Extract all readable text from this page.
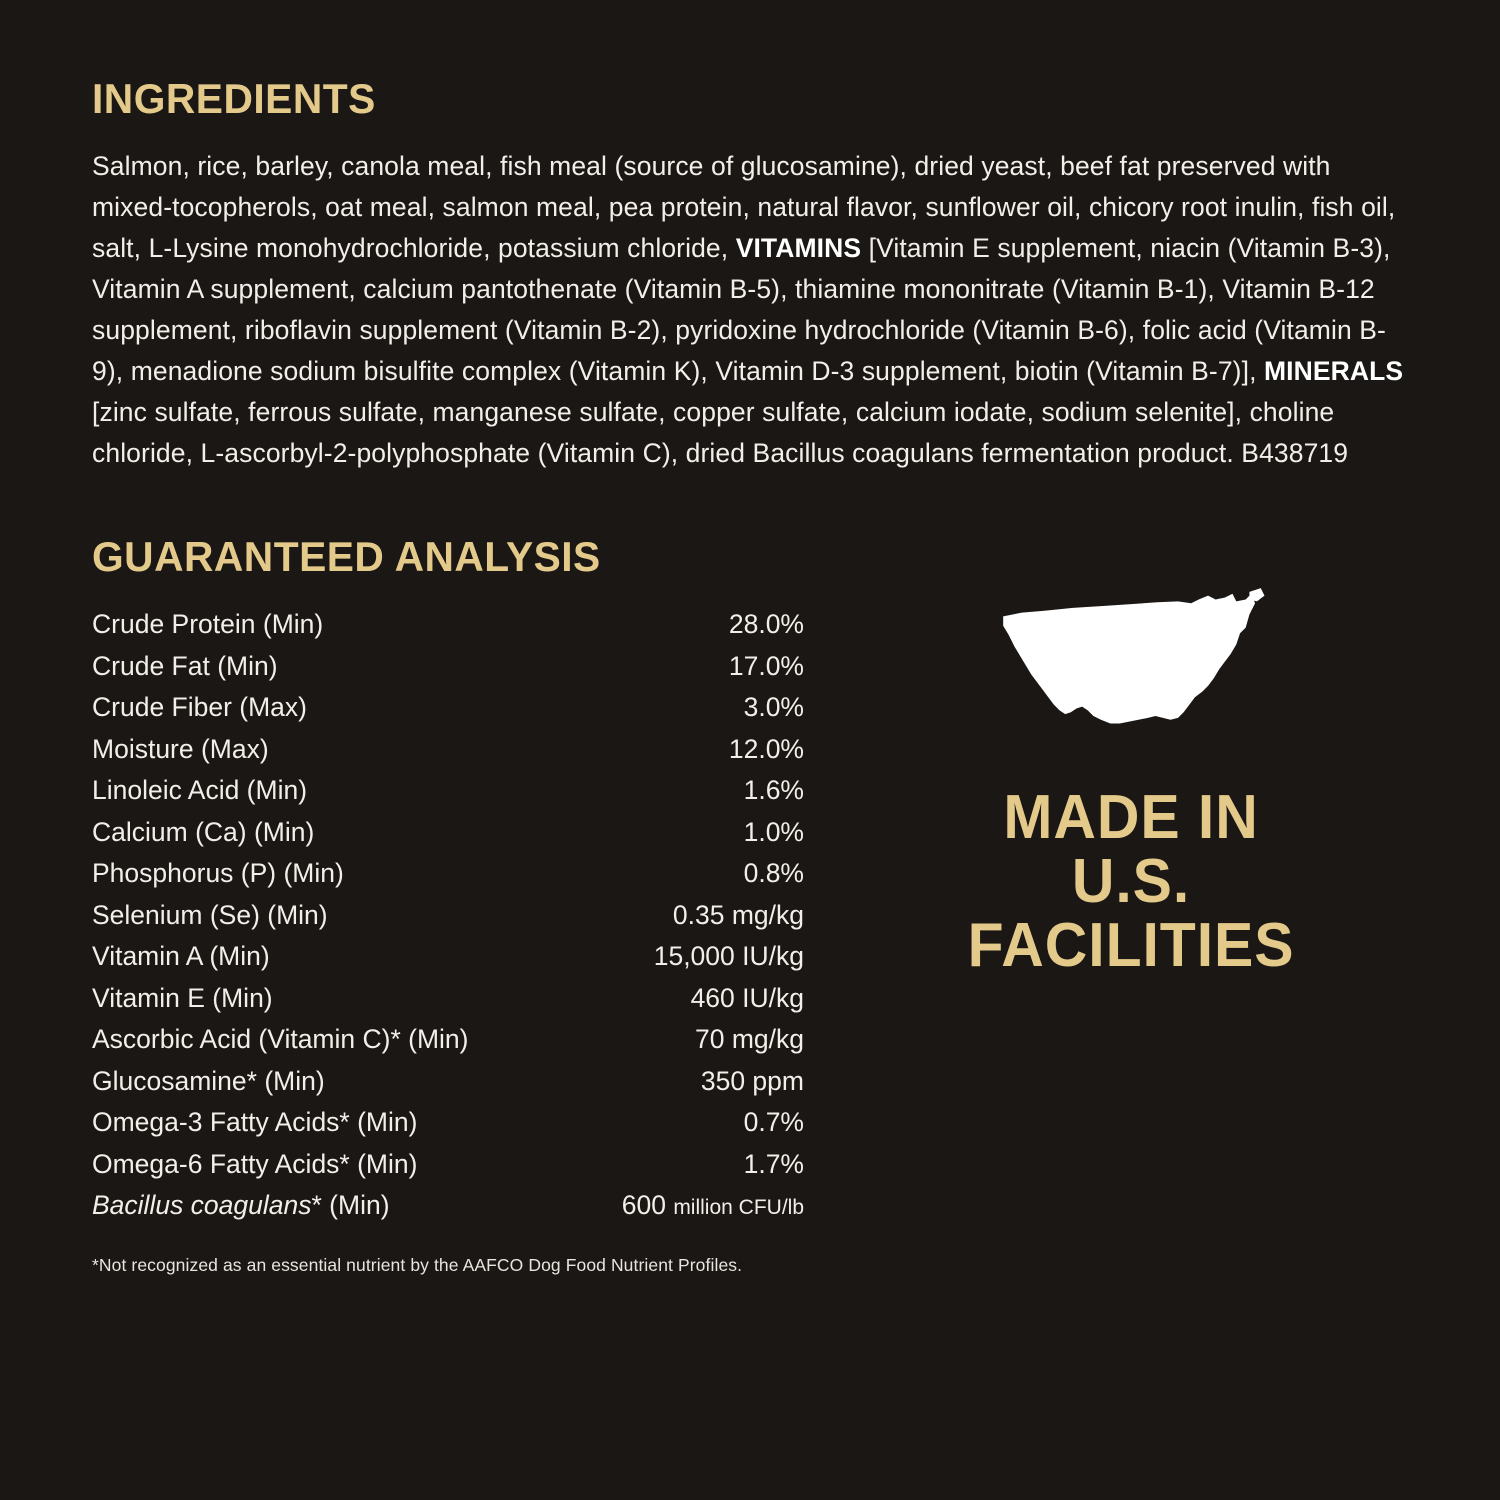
INGREDIENTS

Salmon, rice, barley, canola meal, fish meal (source of glucosamine), dried yeast, beef fat preserved with mixed-tocopherols, oat meal, salmon meal, pea protein, natural flavor, sunflower oil, chicory root inulin, fish oil, salt, L-Lysine monohydrochloride, potassium chloride, VITAMINS [Vitamin E supplement, niacin (Vitamin B-3), Vitamin A supplement, calcium pantothenate (Vitamin B-5), thiamine mononitrate (Vitamin B-1), Vitamin B-12 supplement, riboflavin supplement (Vitamin B-2), pyridoxine hydrochloride (Vitamin B-6), folic acid (Vitamin B-9), menadione sodium bisulfite complex (Vitamin K), Vitamin D-3 supplement, biotin (Vitamin B-7)], MINERALS [zinc sulfate, ferrous sulfate, manganese sulfate, copper sulfate, calcium iodate, sodium selenite], choline chloride, L-ascorbyl-2-polyphosphate (Vitamin C), dried Bacillus coagulans fermentation product. B438719

GUARANTEED ANALYSIS
Crude Protein (Min)	28.0%
Crude Fat (Min)	17.0%
Crude Fiber (Max)	3.0%
Moisture (Max)	12.0%
Linoleic Acid (Min)	1.6%
Calcium (Ca) (Min)	1.0%
Phosphorus (P) (Min)	0.8%
Selenium (Se) (Min)	0.35 mg/kg
Vitamin A (Min)	15,000 IU/kg
Vitamin E (Min)	460 IU/kg
Ascorbic Acid (Vitamin C)* (Min)	70 mg/kg
Glucosamine* (Min)	350 ppm
Omega-3 Fatty Acids* (Min)	0.7%
Omega-6 Fatty Acids* (Min)	1.7%
Bacillus coagulans* (Min)	600 million CFU/lb
*Not recognized as an essential nutrient by the AAFCO Dog Food Nutrient Profiles.
MADE IN
U.S.
FACILITIES
